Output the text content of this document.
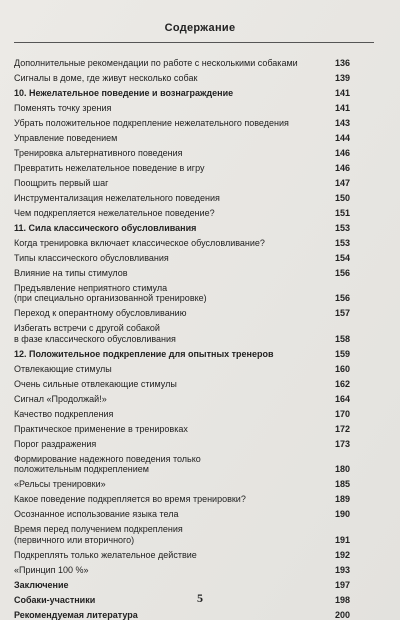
Содержание
Дополнительные рекомендации по работе с несколькими собаками	136
Сигналы в доме, где живут несколько собак	139
10. Нежелательное поведение и вознаграждение	141
Поменять точку зрения	141
Убрать положительное подкрепление нежелательного поведения	143
Управление поведением	144
Тренировка альтернативного поведения	146
Превратить нежелательное поведение в игру	146
Поощрить первый шаг	147
Инструментализация нежелательного поведения	150
Чем подкрепляется нежелательное поведение?	151
11. Сила классического обусловливания	153
Когда тренировка включает классическое обусловливание?	153
Типы классического обусловливания	154
Влияние на типы стимулов	156
Предъявление неприятного стимула
(при специально организованной тренировке)	156
Переход к оперантному обусловливанию	157
Избегать встречи с другой собакой
в фазе классического обусловливания	158
12. Положительное подкрепление для опытных тренеров	159
Отвлекающие стимулы	160
Очень сильные отвлекающие стимулы	162
Сигнал «Продолжай!»	164
Качество подкрепления	170
Практическое применение в тренировках	172
Порог раздражения	173
Формирование надежного поведения только
положительным подкреплением	180
«Рельсы тренировки»	185
Какое поведение подкрепляется во время тренировки?	189
Осознанное использование языка тела	190
Время перед получением подкрепления
(первичного или вторичного)	191
Подкреплять только желательное действие	192
«Принцип 100 %»	193
Заключение	197
Собаки-участники	198
Рекомендуемая литература	200
5
